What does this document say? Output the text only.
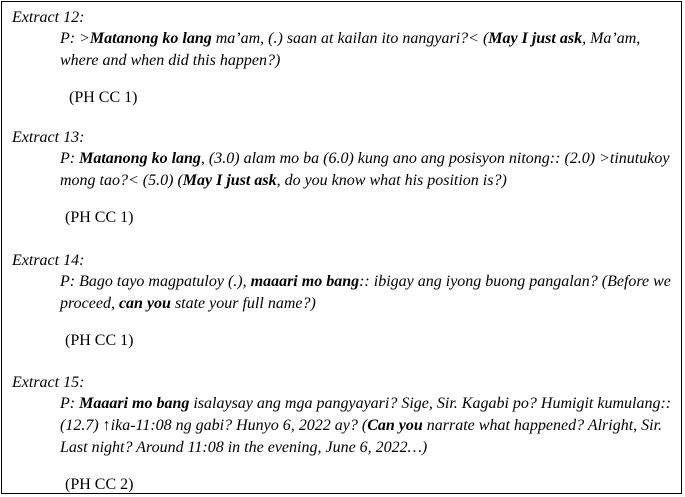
Extract 12:

P: >Matanong ko lang ma’am, (.) saan at kailan ito nangyari?< (May I just ask, Ma’am, where and when did this happen?)

(PH CC 1)

Extract 13:

P: Matanong ko lang, (3.0) alam mo ba (6.0) kung ano ang posisyon nitong:: (2.0) >tinutukoy mong tao?< (5.0) (May I just ask, do you know what his position is?)

(PH CC 1)

Extract 14:

P: Bago tayo magpatuloy (.), maaari mo bang:: ibigay ang iyong buong pangalan? (Before we proceed, can you state your full name?)

(PH CC 1)

Extract 15:

P: Maaari mo bang isalaysay ang mga pangyayari? Sige, Sir. Kagabi po? Humigit kumulang:: (12.7) ↑ika-11:08 ng gabi? Hunyo 6, 2022 ay? (Can you narrate what happened? Alright, Sir. Last night? Around 11:08 in the evening, June 6, 2022…)

(PH CC 2)
